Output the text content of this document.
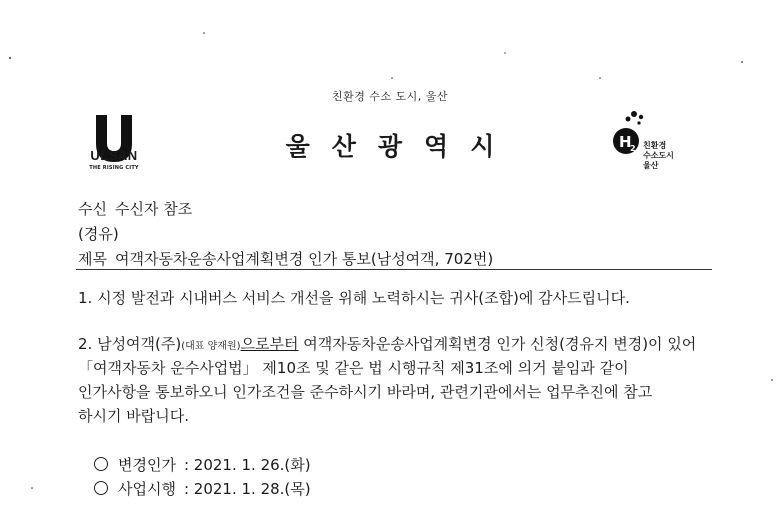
친환경 수소 도시, 울산
울산광역시
ULSAN
THE RISING CITY
H
2 친환경
수소도시
울산
수신 수신자 참조
(경유)
제목 여객자동차운송사업계획변경 인가 통보(남성여객, 702번)
1. 시정 발전과 시내버스 서비스 개선을 위해 노력하시는 귀사(조합)에 감사드립니다.
2. 남성여객(주)(대표 양재원)으로부터 여객자동차운송사업계획변경 인가 신청(경유지 변경)이 있어
「여객자동차 운수사업법」 제10조 및 같은 법 시행규칙 제31조에 의거 붙임과 같이
인가사항을 통보하오니 인가조건을 준수하시기 바라며, 관련기관에서는 업무추진에 참고
하시기 바랍니다.
변경인가 : 2021. 1. 26.(화)
사업시행 : 2021. 1. 28.(목)
